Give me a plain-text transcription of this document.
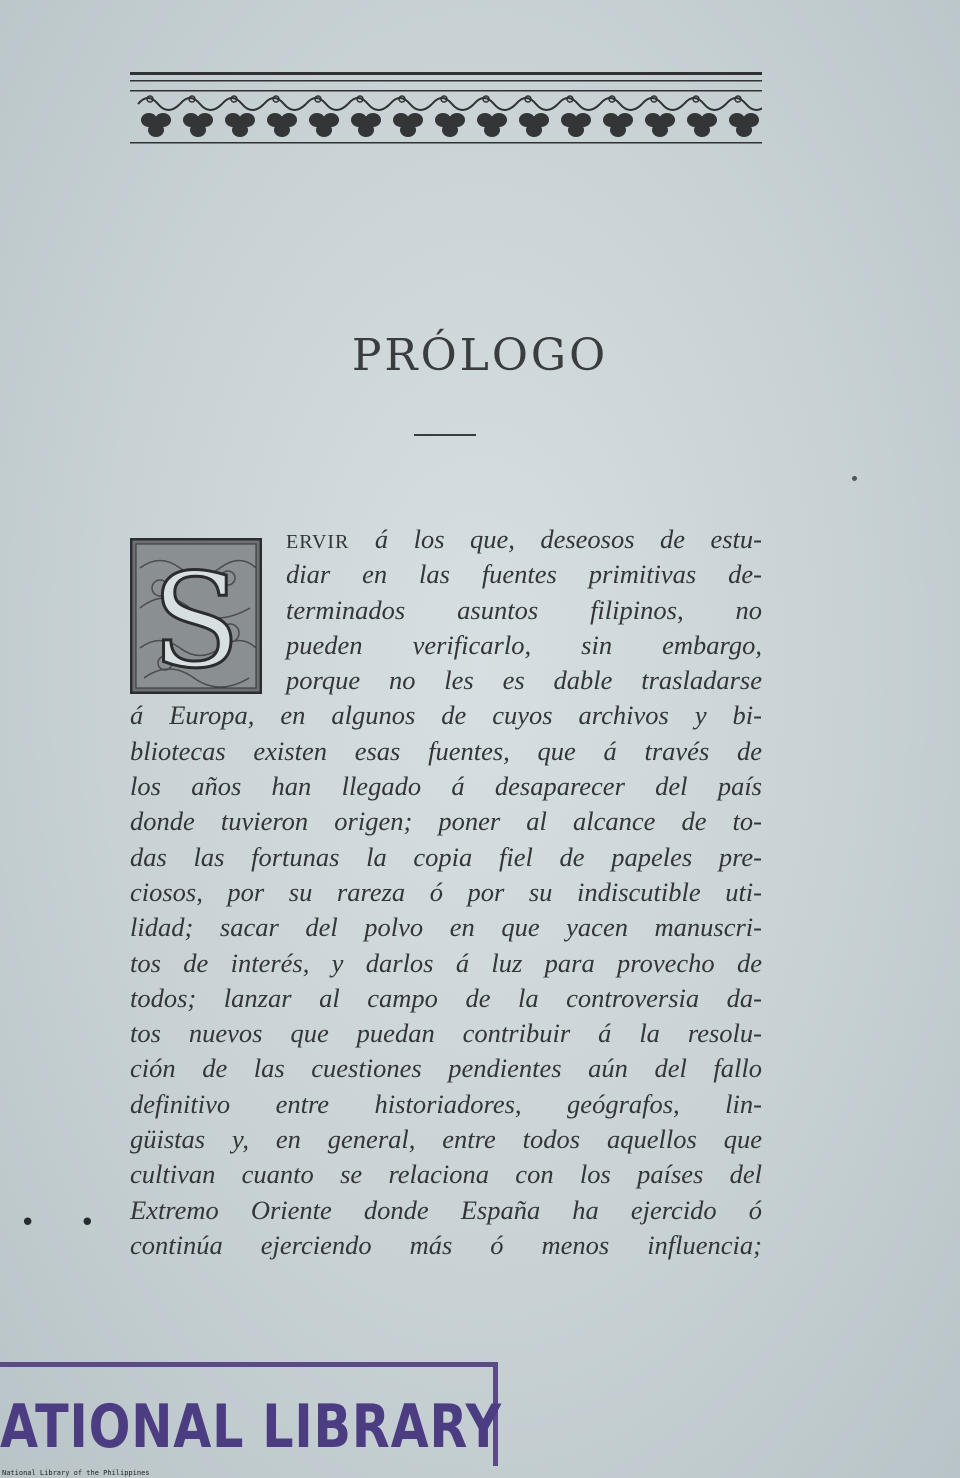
PRÓLOGO
S
ERVIR á los que, deseosos de estu-
diar en las fuentes primitivas de-
terminados asuntos filipinos, no
pueden verificarlo, sin embargo,
porque no les es dable trasladarse
á Europa, en algunos de cuyos archivos y bi-
bliotecas existen esas fuentes, que á través de
los años han llegado á desaparecer del país
donde tuvieron origen; poner al alcance de to-
das las fortunas la copia fiel de papeles pre-
ciosos, por su rareza ó por su indiscutible uti-
lidad; sacar del polvo en que yacen manuscri-
tos de interés, y darlos á luz para provecho de
todos; lanzar al campo de la controversia da-
tos nuevos que puedan contribuir á la resolu-
ción de las cuestiones pendientes aún del fallo
definitivo entre historiadores, geógrafos, lin-
güistas y, en general, entre todos aquellos que
cultivan cuanto se relaciona con los países del
Extremo Oriente donde España ha ejercido ó
continúa ejerciendo más ó menos influencia;
• •
ATIONAL LIBRARY
National Library of the Philippines
